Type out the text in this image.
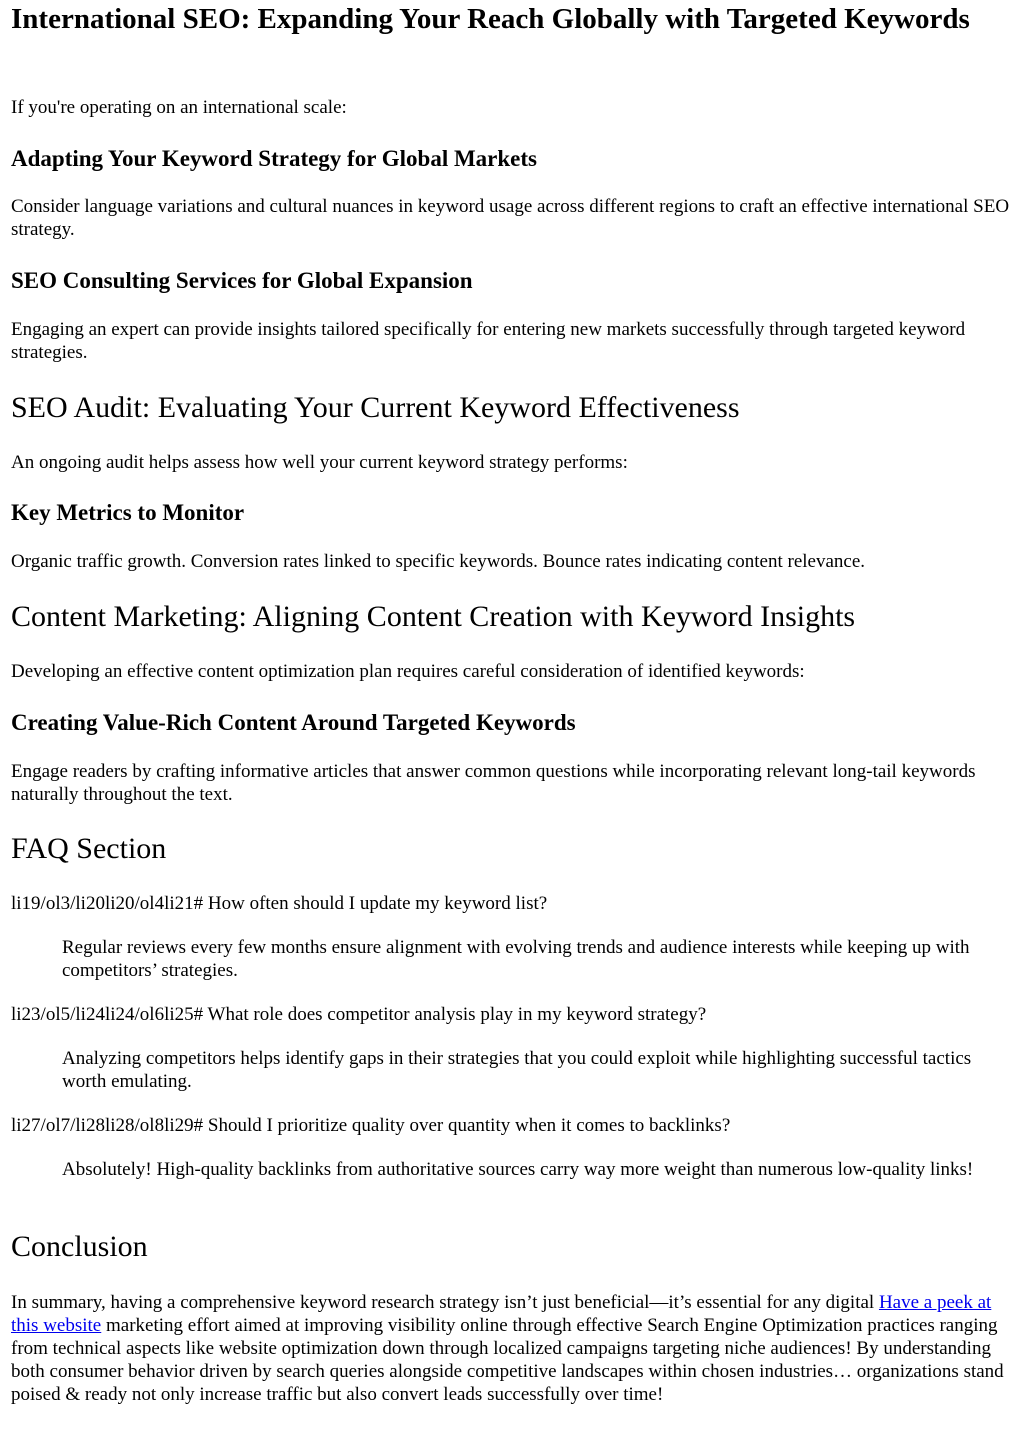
International SEO: Expanding Your Reach Globally with Targeted Keywords

If you're operating on an international scale:

Adapting Your Keyword Strategy for Global Markets

Consider language variations and cultural nuances in keyword usage across different regions to craft an effective international SEO strategy.

SEO Consulting Services for Global Expansion

Engaging an expert can provide insights tailored specifically for entering new markets successfully through targeted keyword strategies.

SEO Audit: Evaluating Your Current Keyword Effectiveness

An ongoing audit helps assess how well your current keyword strategy performs:

Key Metrics to Monitor

Organic traffic growth. Conversion rates linked to specific keywords. Bounce rates indicating content relevance.

Content Marketing: Aligning Content Creation with Keyword Insights

Developing an effective content optimization plan requires careful consideration of identified keywords:

Creating Value-Rich Content Around Targeted Keywords

Engage readers by crafting informative articles that answer common questions while incorporating relevant long-tail keywords naturally throughout the text.

FAQ Section

li19/ol3/li20li20/ol4li21# How often should I update my keyword list?

Regular reviews every few months ensure alignment with evolving trends and audience interests while keeping up with competitors’ strategies.

li23/ol5/li24li24/ol6li25# What role does competitor analysis play in my keyword strategy?

Analyzing competitors helps identify gaps in their strategies that you could exploit while highlighting successful tactics worth emulating.

li27/ol7/li28li28/ol8li29# Should I prioritize quality over quantity when it comes to backlinks?

Absolutely! High-quality backlinks from authoritative sources carry way more weight than numerous low-quality links!

Conclusion

In summary, having a comprehensive keyword research strategy isn’t just beneficial—it’s essential for any digital Have a peek at this website marketing effort aimed at improving visibility online through effective Search Engine Optimization practices ranging from technical aspects like website optimization down through localized campaigns targeting niche audiences! By understanding both consumer behavior driven by search queries alongside competitive landscapes within chosen industries… organizations stand poised & ready not only increase traffic but also convert leads successfully over time!
